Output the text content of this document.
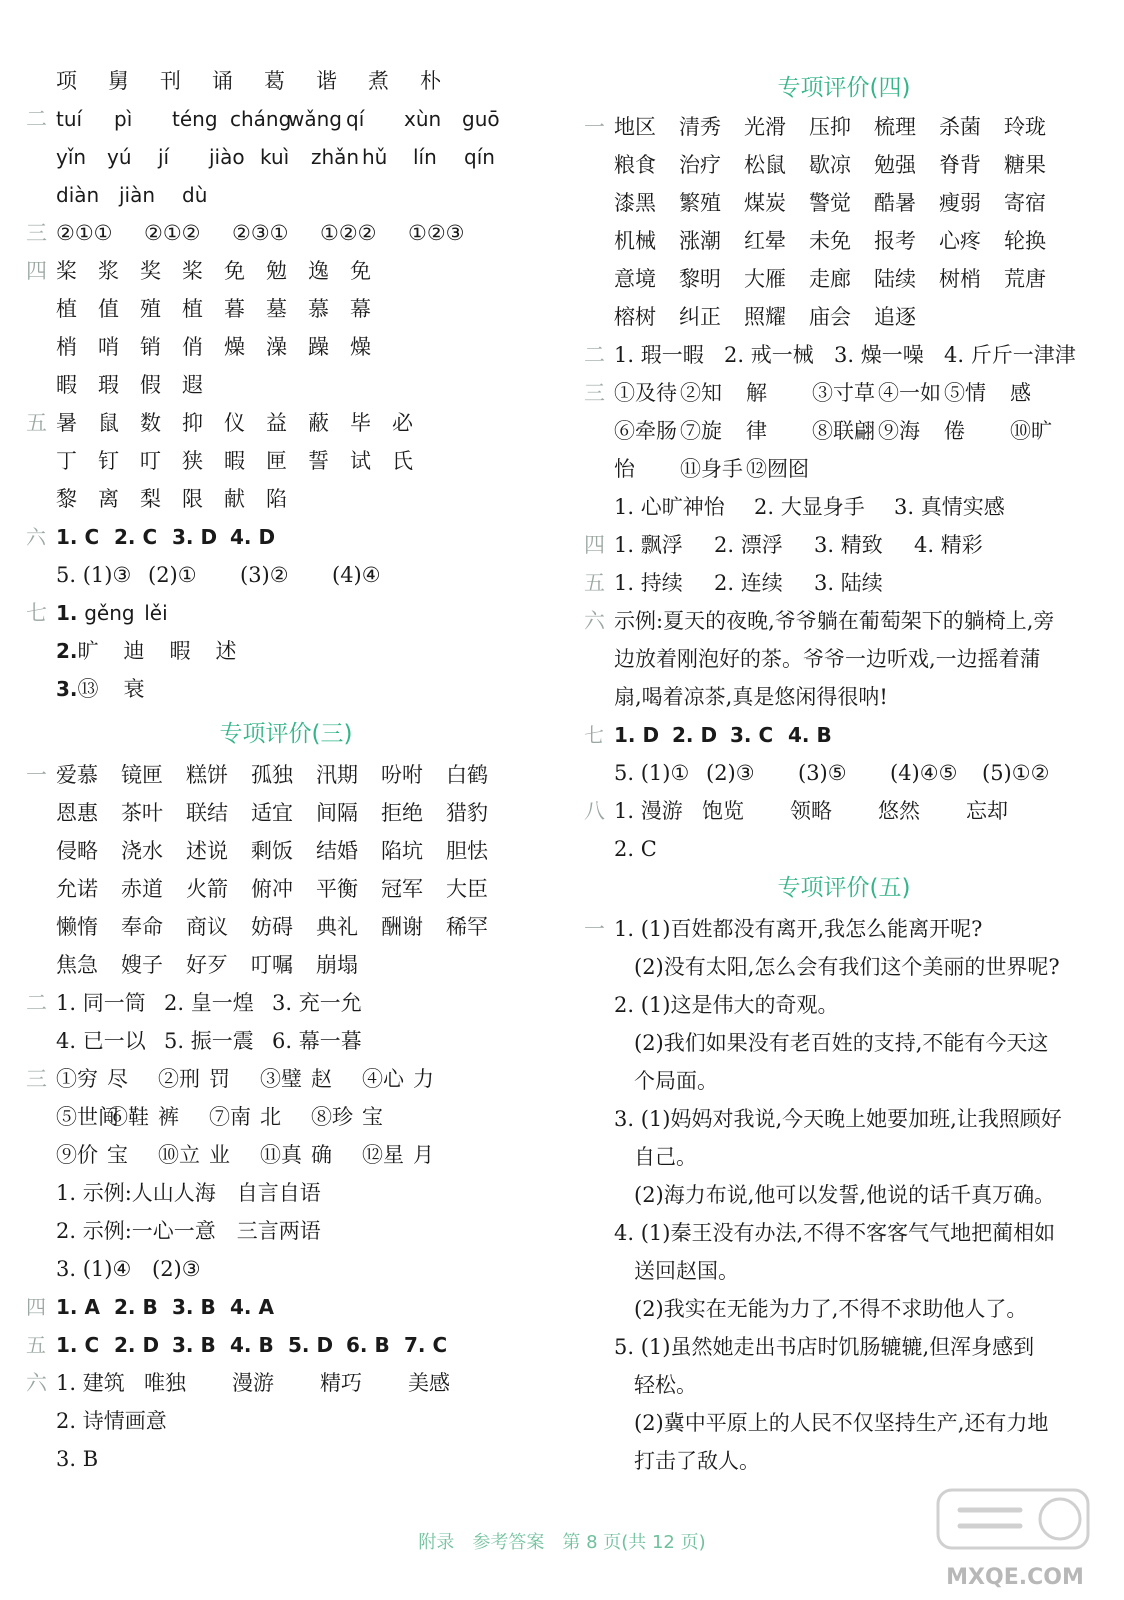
项 舅 刊 诵 葛 谐 煮 朴
二 tuí pì téng chángwǎng qí xùn guō
yǐn yú jí jiào kuì zhǎn hǔ lín qín
diàn jiàn dù
三 ②①① ②①② ②③① ①②② ①②③
四 桨 浆 奖 桨 免 勉 逸 免
植 值 殖 植 暮 墓 慕 幕
梢 哨 销 俏 燥 澡 躁 燥
暇 瑕 假 遐
五 暑 鼠 数 抑 仪 益 蔽 毕 必
丁 钉 叮 狭 暇 匣 誓 试 氏
黎 离 梨 限 献 陷
六 1. C 2. C 3. D 4. D
5. (1)③ (2)① (3)② (4)④
七 1. gěng lěi
2.旷 迪 暇 述
3.⑬ 衰
专项评价(三)
一 爱慕 镜匣 糕饼 孤独 汛期 吩咐 白鹤
恩惠 茶叶 联结 适宜 间隔 拒绝 猎豹
侵略 浇水 述说 剩饭 结婚 陷坑 胆怯
允诺 赤道 火箭 俯冲 平衡 冠军 大臣
懒惰 奉命 商议 妨碍 典礼 酬谢 稀罕
焦急 嫂子 好歹 叮嘱 崩塌
二 1. 同一筒 2. 皇一煌 3. 充一允
4. 已一以 5. 振一震 6. 幕一暮
三 ①穷 尽 ②刑 罚 ③璧 赵 ④心 力
⑤世间⑥鞋 裤 ⑦南 北 ⑧珍 宝
⑨价 宝 ⑩立 业 ⑪真 确 ⑫星 月
1. 示例:人山人海　自言自语
2. 示例:一心一意　三言两语
3. (1)④ (2)③
四 1. A 2. B 3. B 4. A
五 1. C 2. D 3. B 4. B 5. D 6. B 7. C
六 1. 建筑 唯独 漫游 精巧 美感
2. 诗情画意
3. B
专项评价(四)
一 地区 清秀 光滑 压抑 梳理 杀菌 玲珑
粮食 治疗 松鼠 歇凉 勉强 脊背 糖果
漆黑 繁殖 煤炭 警觉 酷暑 瘦弱 寄宿
机械 涨潮 红晕 未免 报考 心疼 轮换
意境 黎明 大雁 走廊 陆续 树梢 荒唐
榕树 纠正 照耀 庙会 追逐
二 1. 瑕一暇 2. 戒一械 3. 燥一噪 4. 斤斤一津津
三 ①及待 ②知 解 ③寸草 ④一如 ⑤情 感
⑥牵肠 ⑦旋 律 ⑧联翩 ⑨海 倦 ⑩旷
怡 ⑪身手 ⑫囫囵
1. 心旷神怡 2. 大显身手 3. 真情实感
四 1. 飘浮 2. 漂浮 3. 精致 4. 精彩
五 1. 持续 2. 连续 3. 陆续
六 示例:夏天的夜晚,爷爷躺在葡萄架下的躺椅上,旁
边放着刚泡好的茶。爷爷一边听戏,一边摇着蒲
扇,喝着凉茶,真是悠闲得很呐!
七 1. D 2. D 3. C 4. B
5. (1)① (2)③ (3)⑤ (4)④⑤ (5)①②
八 1. 漫游 饱览 领略 悠然 忘却
2. C
专项评价(五)
一 1. (1)百姓都没有离开,我怎么能离开呢?
(2)没有太阳,怎么会有我们这个美丽的世界呢?
2. (1)这是伟大的奇观。
(2)我们如果没有老百姓的支持,不能有今天这
个局面。
3. (1)妈妈对我说,今天晚上她要加班,让我照顾好
自己。
(2)海力布说,他可以发誓,他说的话千真万确。
4. (1)秦王没有办法,不得不客客气气地把蔺相如
送回赵国。
(2)我实在无能为力了,不得不求助他人了。
5. (1)虽然她走出书店时饥肠辘辘,但浑身感到
轻松。
(2)冀中平原上的人民不仅坚持生产,还有力地
打击了敌人。
附录　参考答案　第 8 页(共 12 页)
MXQE.COM
